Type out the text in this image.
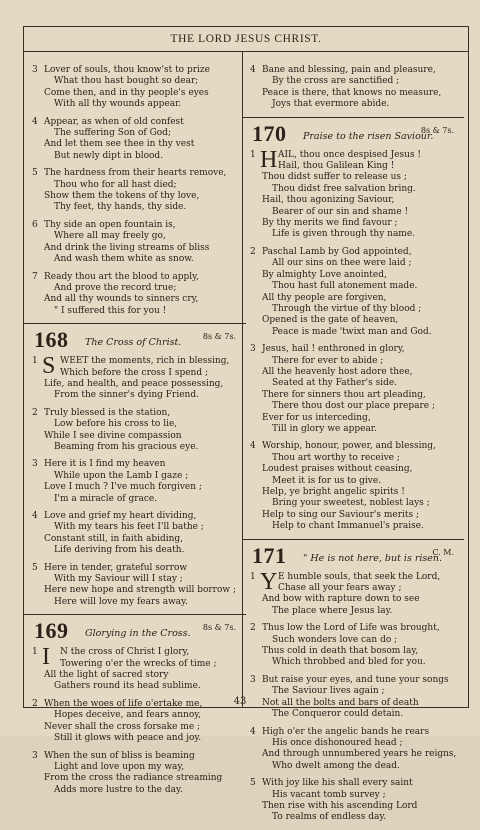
THE LORD JESUS CHRIST.
3 Lover of souls, thou know'st to prize
What thou hast bought so dear;
Come then, and in thy people's eyes
With all thy wounds appear.
4 Appear, as when of old confest
The suffering Son of God;
And let them see thee in thy vest
But newly dipt in blood.
5 The hardness from their hearts remove,
Thou who for all hast died;
Show them the tokens of thy love,
Thy feet, thy hands, thy side.
6 Thy side an open fountain is,
Where all may freely go,
And drink the living streams of bliss
And wash them white as snow.
7 Ready thou art the blood to apply,
And prove the record true;
And all thy wounds to sinners cry,
" I suffered this for you !
168 The Cross of Christ.
8s & 7s.
S
1 WEET the moments, rich in blessing,
Which before the cross I spend ;
Life, and health, and peace possessing,
From the sinner's dying Friend.
2 Truly blessed is the station,
Low before his cross to lie,
While I see divine compassion
Beaming from his gracious eye.
3 Here it is I find my heaven
While upon the Lamb I gaze ;
Love I much ? I've much forgiven ;
I'm a miracle of grace.
4 Love and grief my heart dividing,
With my tears his feet I'll bathe ;
Constant still, in faith abiding,
Life deriving from his death.
5 Here in tender, grateful sorrow
With my Saviour will I stay ;
Here new hope and strength will borrow ;
Here will love my fears away.
169 Glorying in the Cross.
8s & 7s.
I
1 N the cross of Christ I glory,
Towering o'er the wrecks of time ;
All the light of sacred story
Gathers round its head sublime.
2 When the woes of life o'ertake me,
Hopes deceive, and fears annoy,
Never shall the cross forsake me ;
Still it glows with peace and joy.
3 When the sun of bliss is beaming
Light and love upon my way,
From the cross the radiance streaming
Adds more lustre to the day.
4 Bane and blessing, pain and pleasure,
By the cross are sanctified ;
Peace is there, that knows no measure,
Joys that evermore abide.
170 Praise to the risen Saviour.
8s & 7s.
H
1 AIL, thou once despised Jesus !
Hail, thou Galilean King !
Thou didst suffer to release us ;
Thou didst free salvation bring.
Hail, thou agonizing Saviour,
Bearer of our sin and shame !
By thy merits we find favour ;
Life is given through thy name.
2 Paschal Lamb by God appointed,
All our sins on thee were laid ;
By almighty Love anointed,
Thou hast full atonement made.
All thy people are forgiven,
Through the virtue of thy blood ;
Opened is the gate of heaven,
Peace is made 'twixt man and God.
3 Jesus, hail ! enthroned in glory,
There for ever to abide ;
All the heavenly host adore thee,
Seated at thy Father's side.
There for sinners thou art pleading,
There thou dost our place prepare ;
Ever for us interceding,
Till in glory we appear.
4 Worship, honour, power, and blessing,
Thou art worthy to receive ;
Loudest praises without ceasing,
Meet it is for us to give.
Help, ye bright angelic spirits !
Bring your sweetest, noblest lays ;
Help to sing our Saviour's merits ;
Help to chant Immanuel's praise.
171 " He is not here, but is risen.
C. M.
Y
1 E humble souls, that seek the Lord,
Chase all your fears away ;
And bow with rapture down to see
The place where Jesus lay.
2 Thus low the Lord of Life was brought,
Such wonders love can do ;
Thus cold in death that bosom lay,
Which throbbed and bled for you.
3 But raise your eyes, and tune your songs
The Saviour lives again ;
Not all the bolts and bars of death
The Conqueror could detain.
4 High o'er the angelic bands he rears
His once dishonoured head ;
And through unnumbered years he reigns,
Who dwelt among the dead.
5 With joy like his shall every saint
His vacant tomb survey ;
Then rise with his ascending Lord
To realms of endless day.
43
